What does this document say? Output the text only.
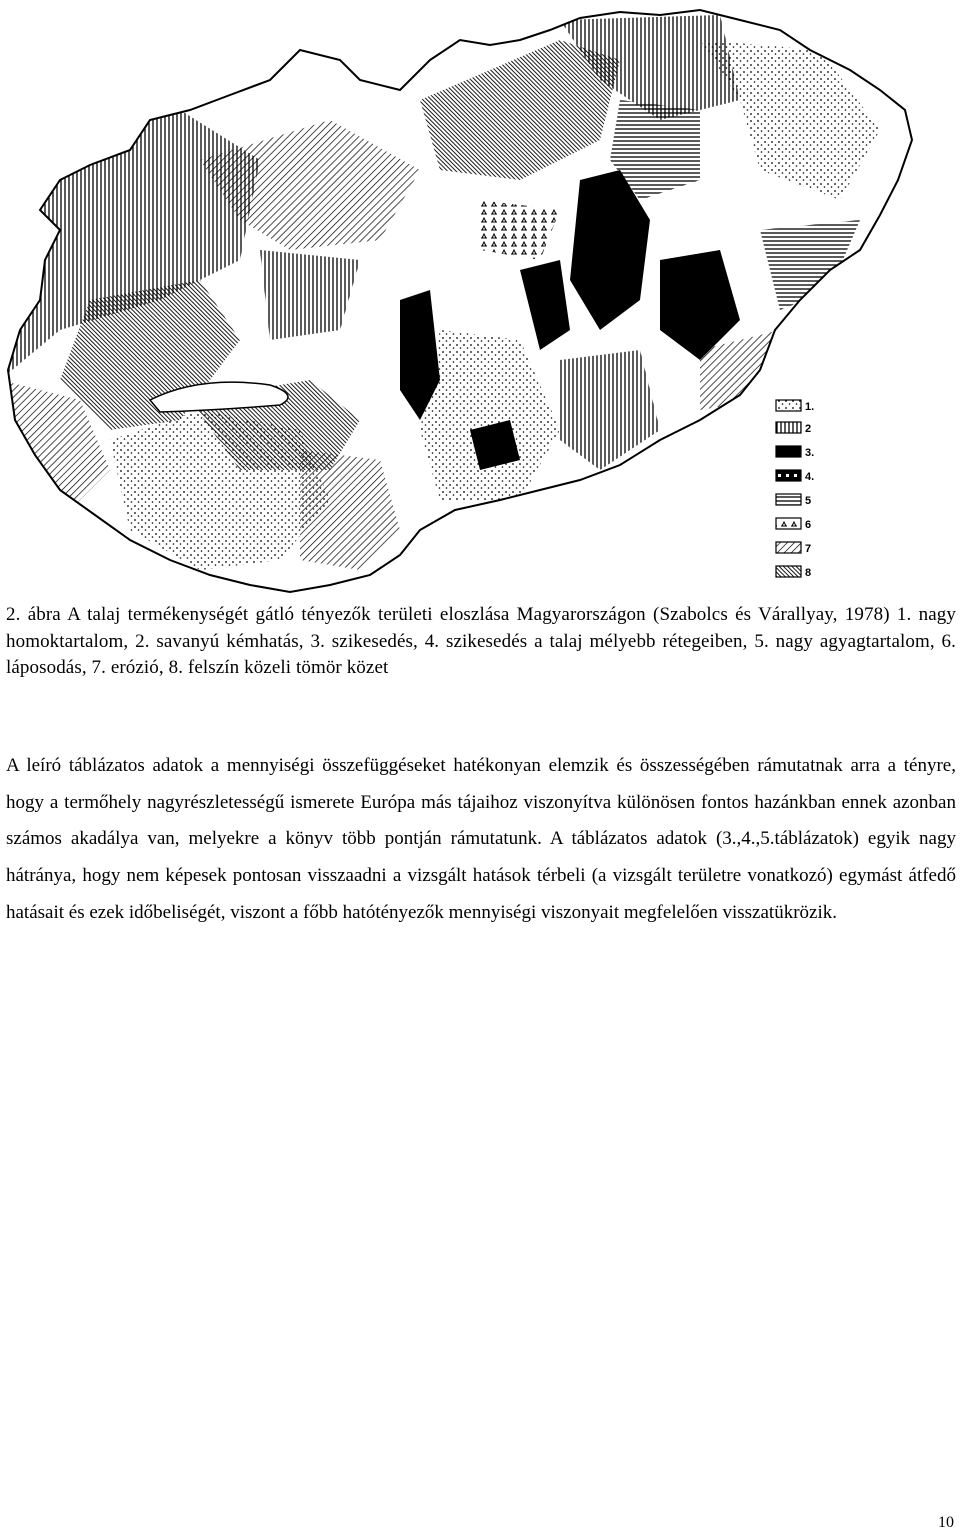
1.
2
3.
4.
5
6
7
8
2. ábra A talaj termékenységét gátló tényezők területi eloszlása Magyarországon (Szabolcs és Várallyay, 1978) 1. nagy homoktartalom, 2. savanyú kémhatás, 3. szikesedés, 4. szikesedés a talaj mélyebb rétegeiben, 5. nagy agyagtartalom, 6. láposodás, 7. erózió, 8. felszín közeli tömör közet

A leíró táblázatos adatok a mennyiségi összefüggéseket hatékonyan elemzik és összességében rámutatnak arra a tényre, hogy a termőhely nagyrészletességű ismerete Európa más tájaihoz viszonyítva különösen fontos hazánkban ennek azonban számos akadálya van, melyekre a könyv több pontján rámutatunk. A táblázatos adatok (3.,4.,5.táblázatok) egyik nagy hátránya, hogy nem képesek pontosan visszaadni a vizsgált hatások térbeli (a vizsgált területre vonatkozó) egymást átfedő hatásait és ezek időbeliségét, viszont a főbb hatótényezők mennyiségi viszonyait megfelelően visszatükrözik.

10
